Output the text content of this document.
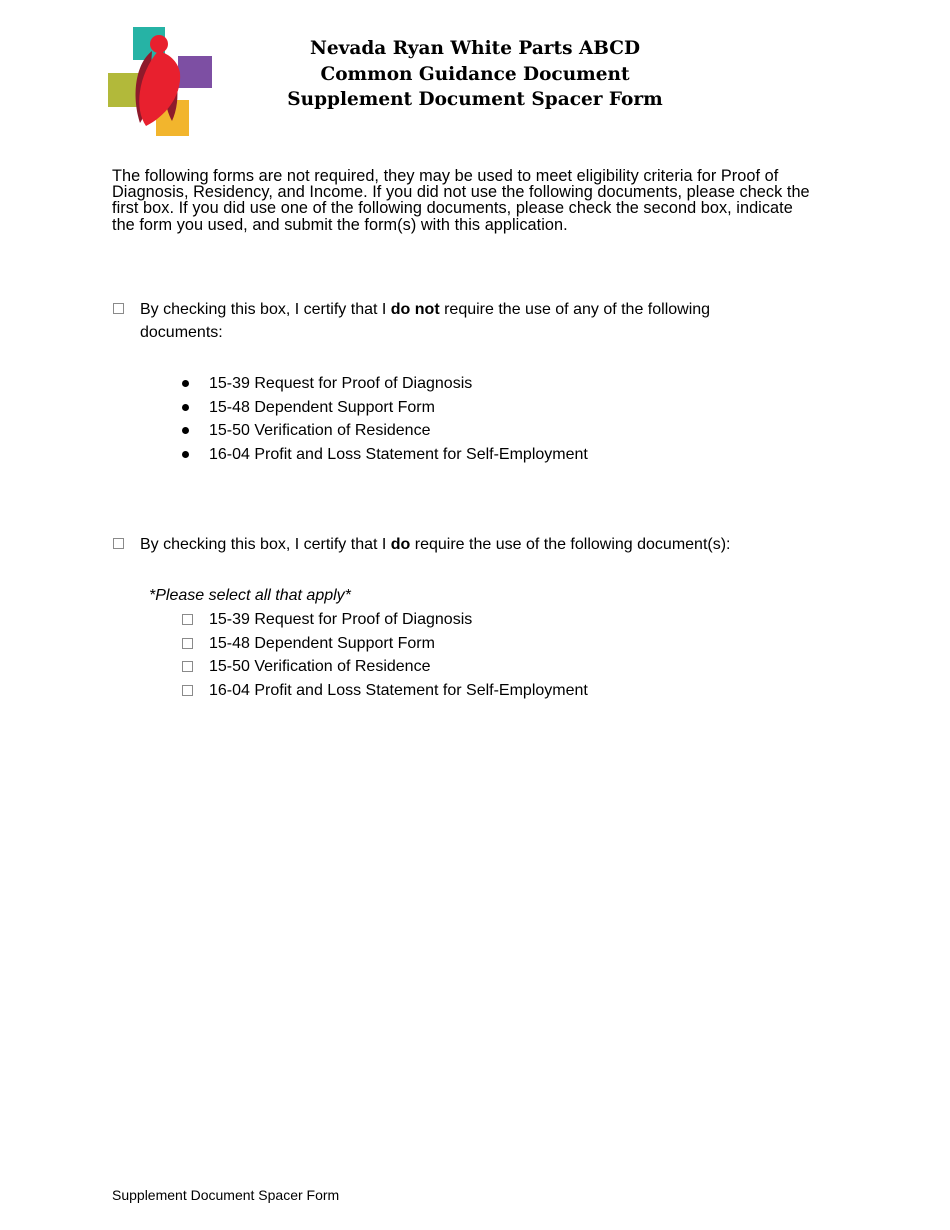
Nevada Ryan White Parts ABCD
Common Guidance Document
Supplement Document Spacer Form
The following forms are not required, they may be used to meet eligibility criteria for Proof of
Diagnosis, Residency, and Income. If you did not use the following documents, please check the
first box. If you did use one of the following documents, please check the second box, indicate
the form you used, and submit the form(s) with this application.
By checking this box, I certify that I do not require the use of any of the following
documents:
15-39 Request for Proof of Diagnosis
15-48 Dependent Support Form
15-50 Verification of Residence
16-04 Profit and Loss Statement for Self-Employment
By checking this box, I certify that I do require the use of the following document(s):
*Please select all that apply*
15-39 Request for Proof of Diagnosis
15-48 Dependent Support Form
15-50 Verification of Residence
16-04 Profit and Loss Statement for Self-Employment
Supplement Document Spacer Form
